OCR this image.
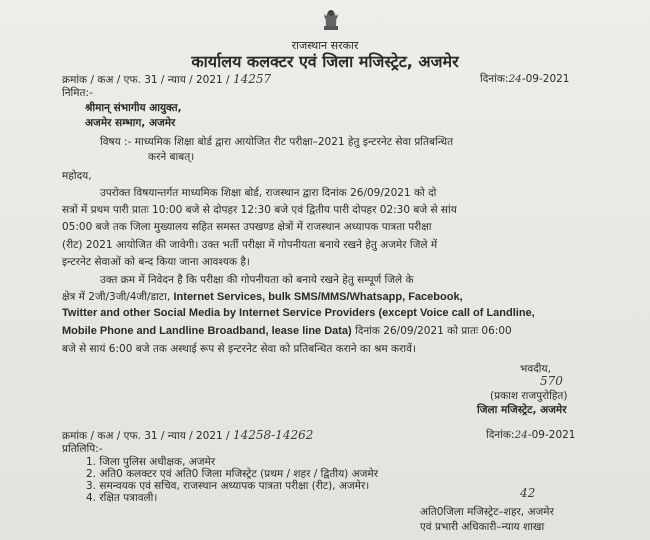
राजस्थान सरकार
कार्यालय कलक्टर एवं जिला मजिस्ट्रेट, अजमेर
क्रमांक / कअ / एफ. 31 / न्याय / 2021 / 14257	दिनांक:24-09-2021
निमित:-
श्रीमान् संभागीय आयुक्त,
अजमेर सम्भाग, अजमेर
विषय :- माध्यमिक शिक्षा बोर्ड द्वारा आयोजित रीट परीक्षा–2021 हेतु इन्टरनेट सेवा प्रतिबन्धित
करने बाबत्।
महोदय,
उपरोक्त विषयान्तर्गत माध्यमिक शिक्षा बोर्ड, राजस्थान द्वारा दिनांक 26/09/2021 को दो
सत्रों में प्रथम पारी प्रातः 10:00 बजे से दोपहर 12:30 बजे एवं द्वितीय पारी दोपहर 02:30 बजे से सांय
05:00 बजे तक जिला मुख्यालय सहित समस्त उपखण्ड क्षेत्रों में राजस्थान अध्यापक पात्रता परीक्षा
(रीट) 2021 आयोजित की जावेगी। उक्त भर्ती परीक्षा में गोपनीयता बनाये रखने हेतु अजमेर जिले में
इन्टरनेट सेवाओं को बन्द किया जाना आवश्यक है।
उक्त क्रम में निवेदन है कि परीक्षा की गोपनीयता को बनाये रखने हेतु सम्पूर्ण जिले के
क्षेत्र में 2जी/3जी/4जी/डाटा, Internet Services, bulk SMS/MMS/Whatsapp, Facebook,
Twitter and other Social Media by Internet Service Providers (except Voice call of Landline,
Mobile Phone and Landline Broadband, lease line Data) दिनांक 26/09/2021 को प्रातः 06:00
बजे से सायं 6:00 बजे तक अस्थाई रूप से इन्टरनेट सेवा को प्रतिबन्धित कराने का श्रम करावें।
भवदीय,
570
(प्रकाश राजपुरोहित)
जिला मजिस्ट्रेट, अजमेर
क्रमांक / कअ / एफ. 31 / न्याय / 2021 / 14258-14262	दिनांक:24-09-2021
प्रतिलिपि:-
1. जिला पुलिस अधीक्षक, अजमेर
2. अति0 कलक्टर एवं अति0 जिला मजिस्ट्रेट (प्रथम / शहर / द्वितीय) अजमेर
3. समन्वयक एवं सचिव, राजस्थान अध्यापक पात्रता परीक्षा (रीट), अजमेर।
4. रक्षित पत्रावली।	42
अति0जिला मजिस्ट्रेट–शहर, अजमेर
एवं प्रभारी अधिकारी–न्याय शाखा
